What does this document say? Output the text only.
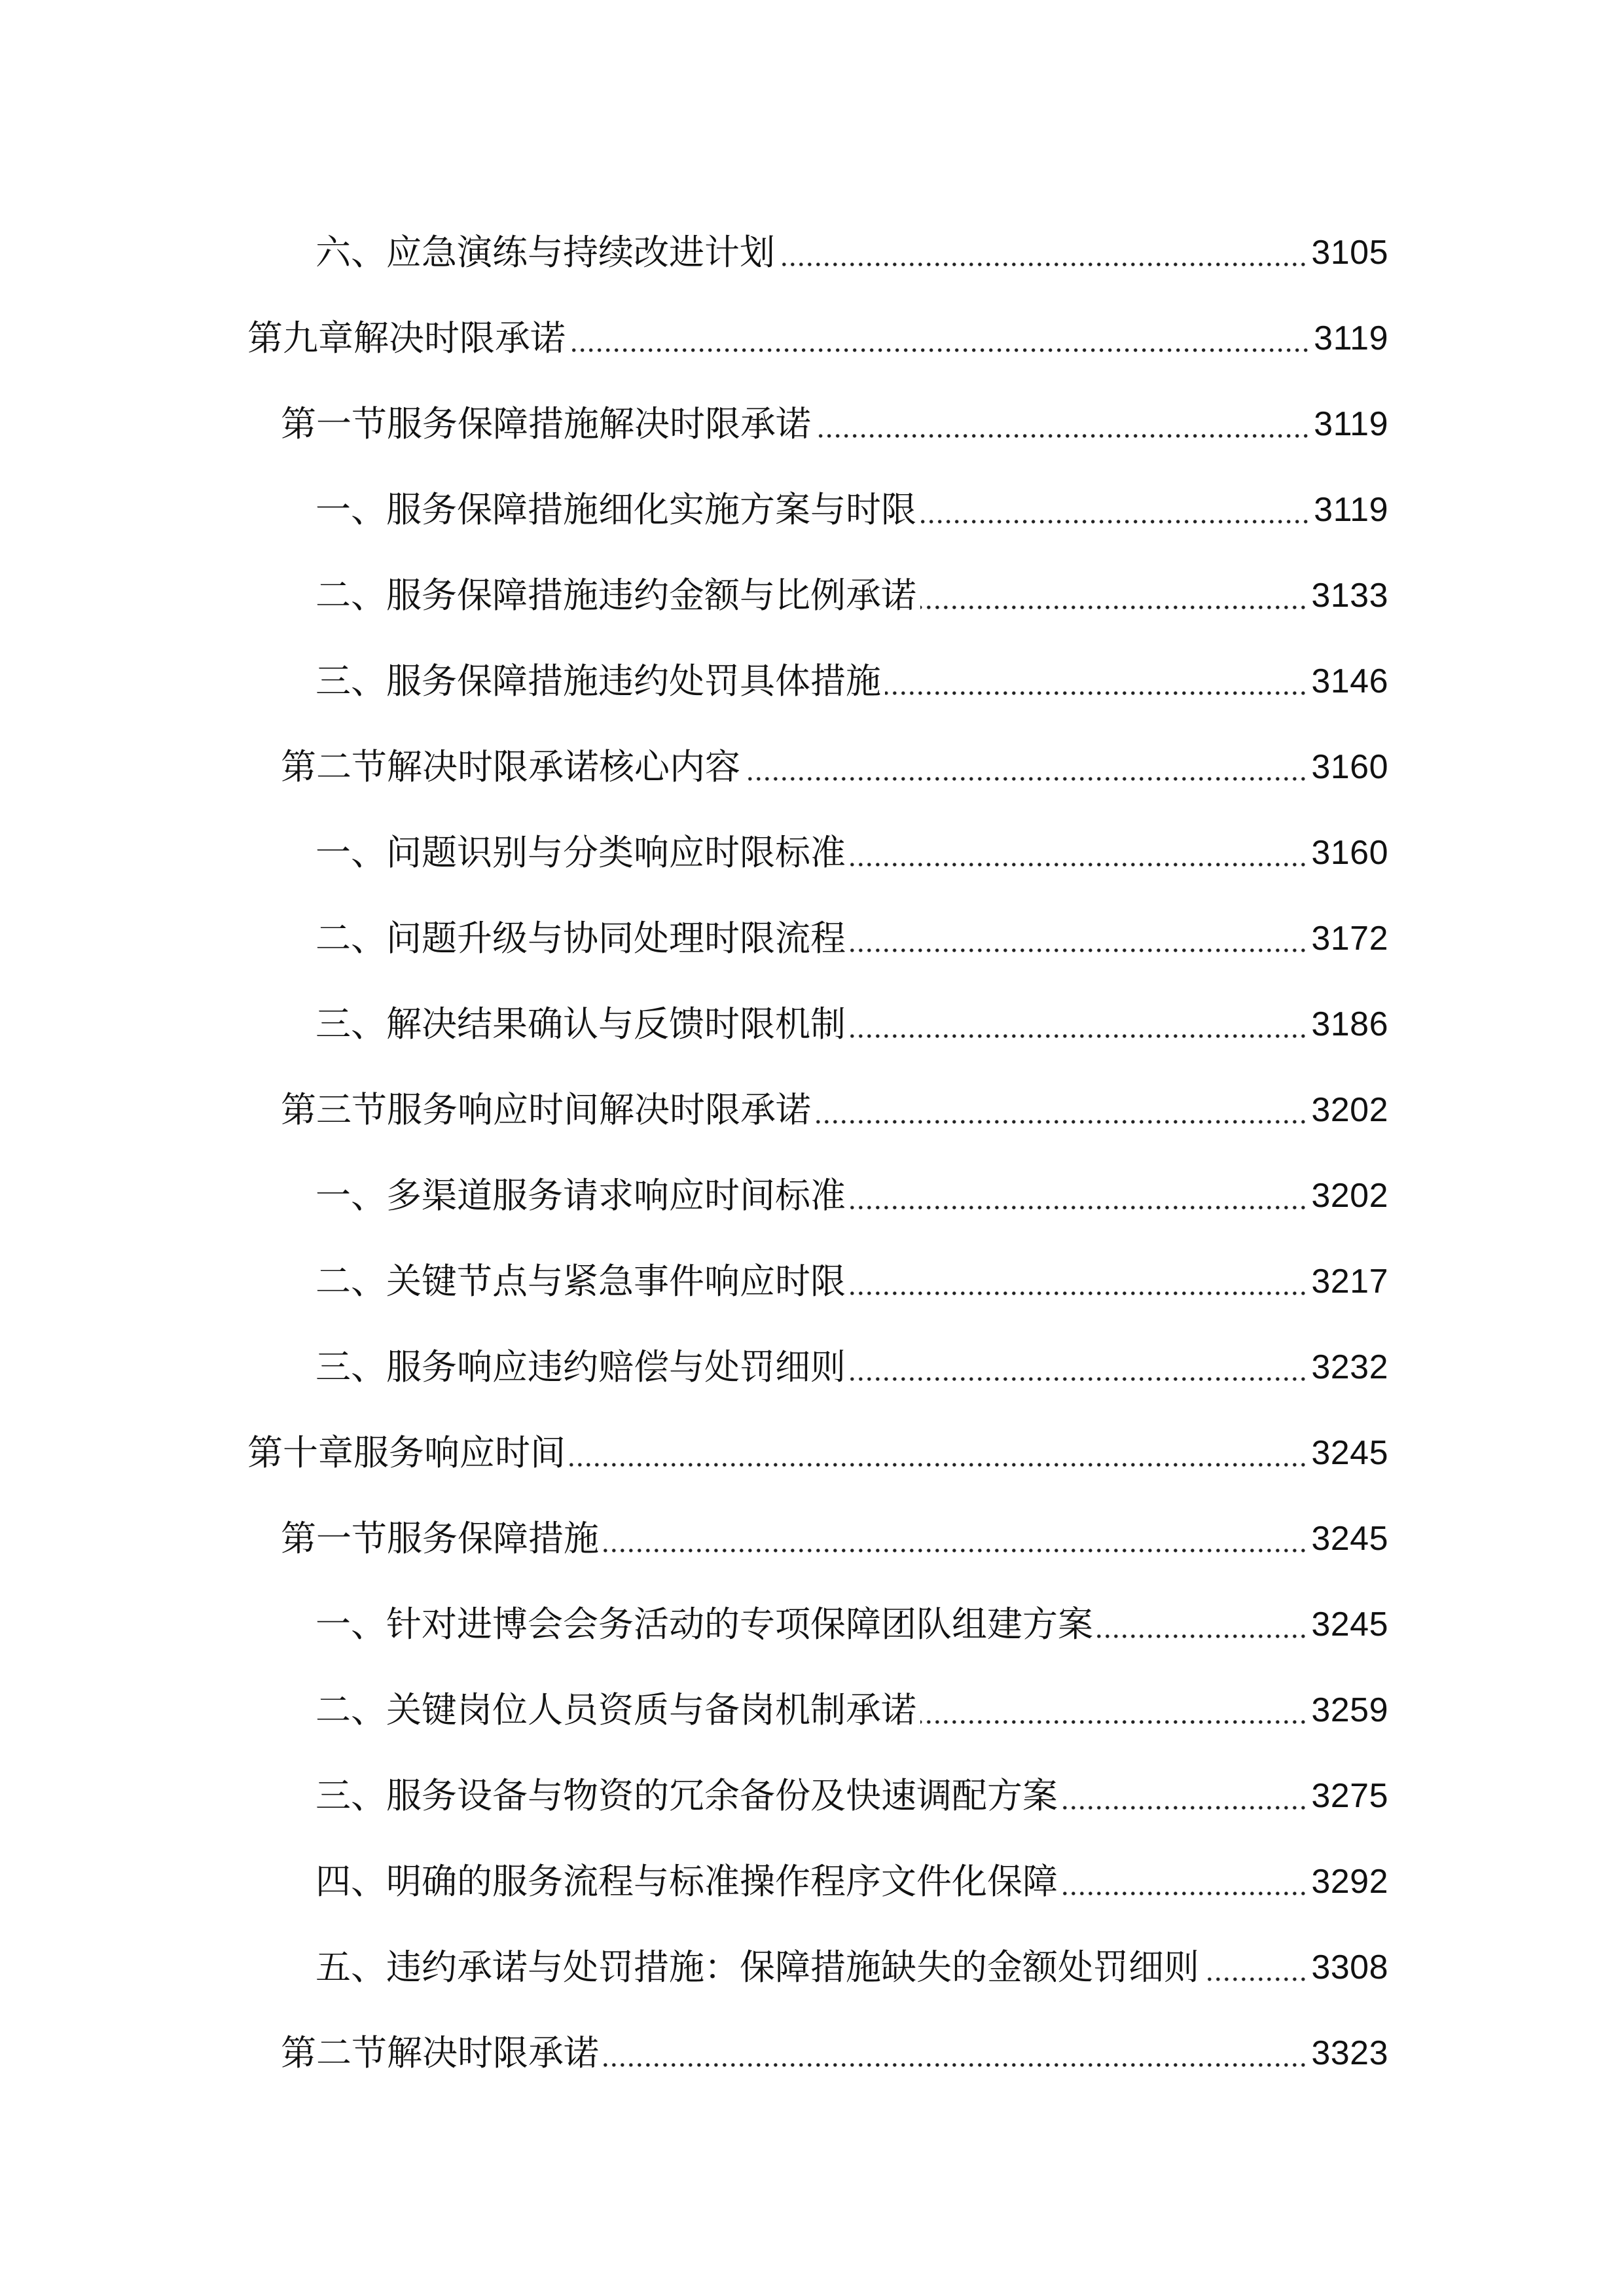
六、应急演练与持续改进计划	3105
第九章解决时限承诺	3119
第一节服务保障措施解决时限承诺	3119
一、服务保障措施细化实施方案与时限	3119
二、服务保障措施违约金额与比例承诺	3133
三、服务保障措施违约处罚具体措施	3146
第二节解决时限承诺核心内容	3160
一、问题识别与分类响应时限标准	3160
二、问题升级与协同处理时限流程	3172
三、解决结果确认与反馈时限机制	3186
第三节服务响应时间解决时限承诺	3202
一、多渠道服务请求响应时间标准	3202
二、关键节点与紧急事件响应时限	3217
三、服务响应违约赔偿与处罚细则	3232
第十章服务响应时间	3245
第一节服务保障措施	3245
一、针对进博会会务活动的专项保障团队组建方案	3245
二、关键岗位人员资质与备岗机制承诺	3259
三、服务设备与物资的冗余备份及快速调配方案	3275
四、明确的服务流程与标准操作程序文件化保障	3292
五、违约承诺与处罚措施：保障措施缺失的金额处罚细则	3308
第二节解决时限承诺	3323
